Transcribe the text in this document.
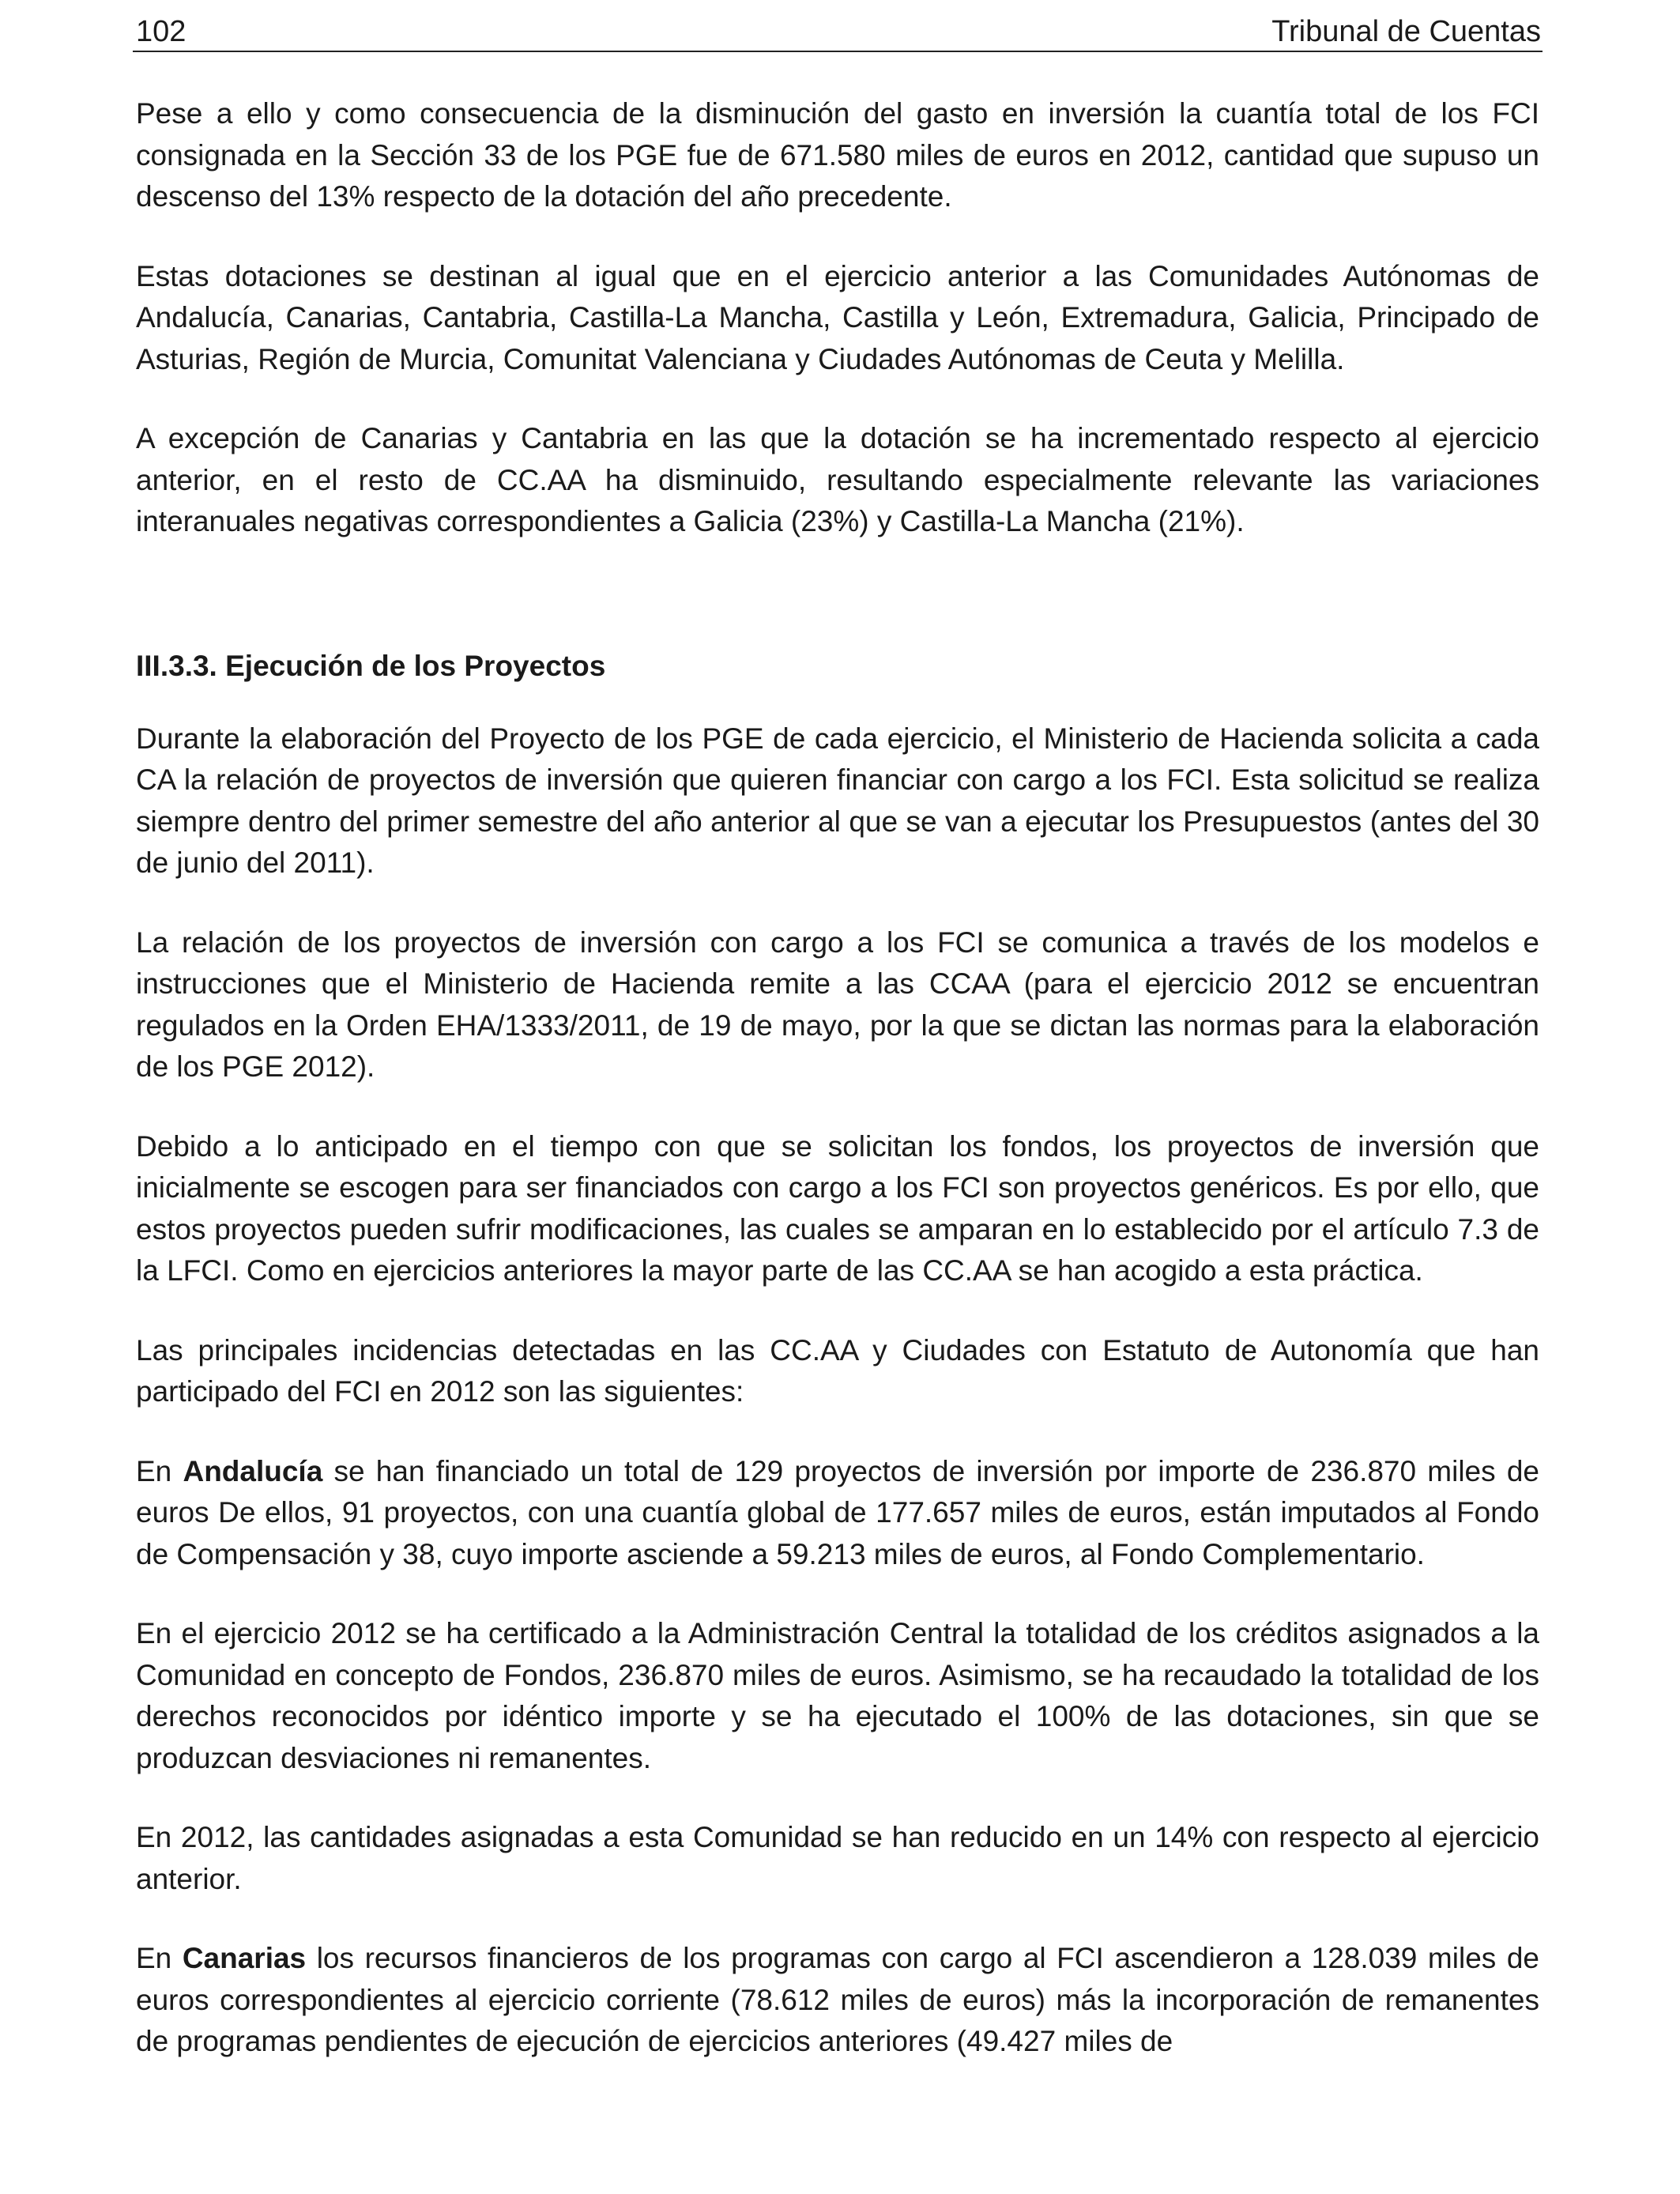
102	Tribunal de Cuentas

Pese a ello y como consecuencia de la disminución del gasto en inversión la cuantía total de los FCI consignada en la Sección 33 de los PGE fue de 671.580 miles de euros en 2012, cantidad que supuso un descenso del 13% respecto de la dotación del año precedente.

Estas dotaciones se destinan al igual que en el ejercicio anterior a las Comunidades Autónomas de Andalucía, Canarias, Cantabria, Castilla-La Mancha, Castilla y León, Extremadura, Galicia, Principado de Asturias, Región de Murcia, Comunitat Valenciana y Ciudades Autónomas de Ceuta y Melilla.

A excepción de Canarias y Cantabria en las que la dotación se ha incrementado respecto al ejercicio anterior, en el resto de CC.AA ha disminuido, resultando especialmente relevante las variaciones interanuales negativas correspondientes a Galicia (23%) y Castilla-La Mancha (21%).

III.3.3. Ejecución de los Proyectos

Durante la elaboración del Proyecto de los PGE de cada ejercicio, el Ministerio de Hacienda solicita a cada CA la relación de proyectos de inversión que quieren financiar con cargo a los FCI. Esta solicitud se realiza siempre dentro del primer semestre del año anterior al que se van a ejecutar los Presupuestos (antes del 30 de junio del 2011).

La relación de los proyectos de inversión con cargo a los FCI se comunica a través de los modelos e instrucciones que el Ministerio de Hacienda remite a las CCAA (para el ejercicio 2012 se encuentran regulados en la Orden EHA/1333/2011, de 19 de mayo, por la que se dictan las normas para la elaboración de los PGE 2012).

Debido a lo anticipado en el tiempo con que se solicitan los fondos, los proyectos de inversión que inicialmente se escogen para ser financiados con cargo a los FCI son proyectos genéricos. Es por ello, que estos proyectos pueden sufrir modificaciones, las cuales se amparan en lo establecido por el artículo 7.3 de la LFCI. Como en ejercicios anteriores la mayor parte de las CC.AA se han acogido a esta práctica.

Las principales incidencias detectadas en las CC.AA y Ciudades con Estatuto de Autonomía que han participado del FCI en 2012 son las siguientes:

En Andalucía se han financiado un total de 129 proyectos de inversión por importe de 236.870 miles de euros De ellos, 91 proyectos, con una cuantía global de 177.657 miles de euros, están imputados al Fondo de Compensación y 38, cuyo importe asciende a 59.213 miles de euros, al Fondo Complementario.

En el ejercicio 2012 se ha certificado a la Administración Central la totalidad de los créditos asignados a la Comunidad en concepto de Fondos, 236.870 miles de euros. Asimismo, se ha recaudado la totalidad de los derechos reconocidos por idéntico importe y se ha ejecutado el 100% de las dotaciones, sin que se produzcan desviaciones ni remanentes.

En 2012, las cantidades asignadas a esta Comunidad se han reducido en un 14% con respecto al ejercicio anterior.

En Canarias los recursos financieros de los programas con cargo al FCI ascendieron a 128.039 miles de euros correspondientes al ejercicio corriente (78.612 miles de euros) más la incorporación de remanentes de programas pendientes de ejecución de ejercicios anteriores (49.427 miles de
